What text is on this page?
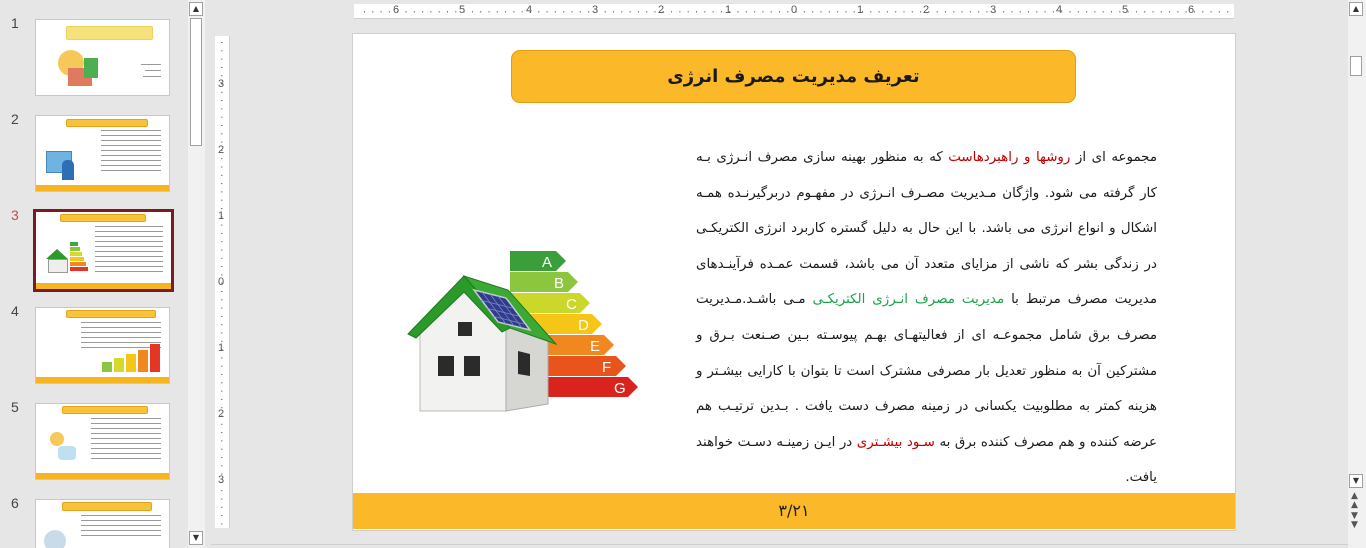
1
2
3
4
5
6
▲
▼
6	5	4	3	2	1	0	1	2	3	4	5	6
3
2
1
0
1
2
3
تعریف مدیریت مصرف انرژی
مجموعه ای از روشها و راهبردهاست که به منظور بهینه سازی مصرف انـرژی بـه کار گرفته می شود. واژگان مـدیریت مصـرف انـرژی در مفهـوم دربرگیرنـده همـه اشکال و انواع انرژی می باشد. با این حال به دلیل گستره کاربرد انرژی الکتریکـی در زندگی بشر که ناشی از مزایای متعدد آن می باشد، قسمت عمـده فرآینـدهای مدیریت مصرف مرتبط با مدیریت مصرف انـرژی الکتریکـی مـی باشـد.مـدیریت مصرف برق شامل مجموعـه ای از فعالیتهـای بهـم پیوسـته بـین صـنعت بـرق و مشترکین آن به منظور تعدیل بار مصرفی مشترک است تا بتوان با کارایی بیشـتر و هزینه کمتر به مطلوبیت یکسانی در زمینه مصرف دست یافت . بـدین ترتیـب هم عرضه کننده و هم مصرف کننده برق به سـود بیشـتری در ایـن زمینـه دسـت خواهند یافت.
A
B
C
D
E
F
G
۳/۲۱
▲
▼
▲
▲
▼
▼
